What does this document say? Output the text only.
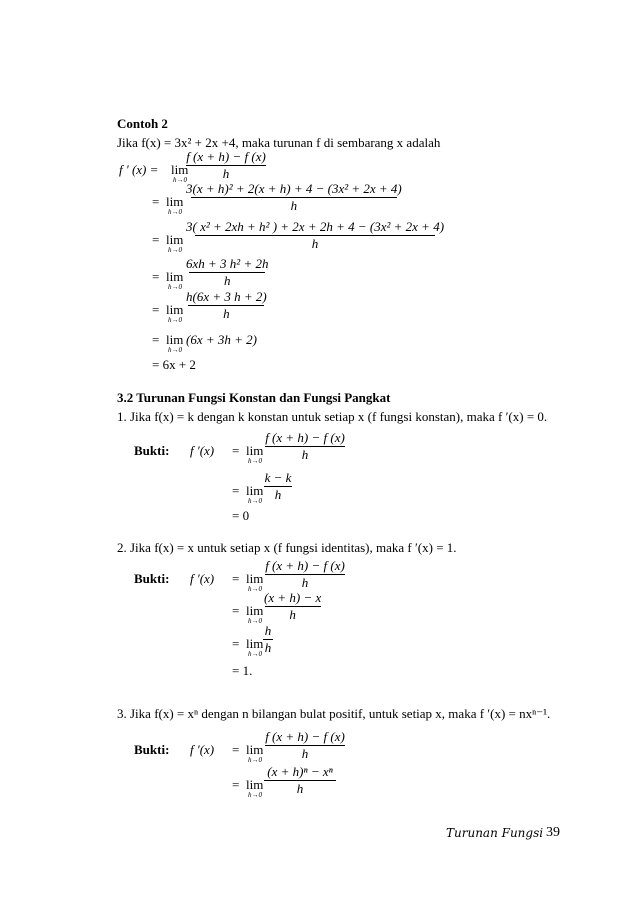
Contoh 2
Jika f(x) = 3x² + 2x +4, maka turunan f di sembarang x adalah
f ′ (x) = lim
h→0
f (x + h) − f (x)
h
= lim
h→0
3(x + h)² + 2(x + h) + 4 − (3x² + 2x + 4)
h
= lim
h→0
3( x² + 2xh + h² ) + 2x + 2h + 4 − (3x² + 2x + 4)
h
= lim
h→0
6xh + 3 h² + 2h
h
= lim
h→0
h(6x + 3 h + 2)
h
= lim
h→0
(6x + 3h + 2)
= 6x + 2
3.2 Turunan Fungsi Konstan dan Fungsi Pangkat
1. Jika f(x) = k dengan k konstan untuk setiap x (f fungsi konstan), maka f ′(x) = 0.
Bukti: f ′(x) = lim
h→0
f (x + h) − f (x)
h
= lim
h→0
k − k
h
= 0
2. Jika f(x) = x untuk setiap x (f fungsi identitas), maka f ′(x) = 1.
Bukti: f ′(x) = lim
h→0
f (x + h) − f (x)
h
= lim
h→0
(x + h) − x
h
= lim
h→0
h
h
= 1.
3. Jika f(x) = xⁿ dengan n bilangan bulat positif, untuk setiap x, maka f ′(x) = nxⁿ⁻¹.
Bukti: f ′(x) = lim
h→0
f (x + h) − f (x)
h
= lim
h→0
(x + h)ⁿ − xⁿ
h
Turunan Fungsi 39
